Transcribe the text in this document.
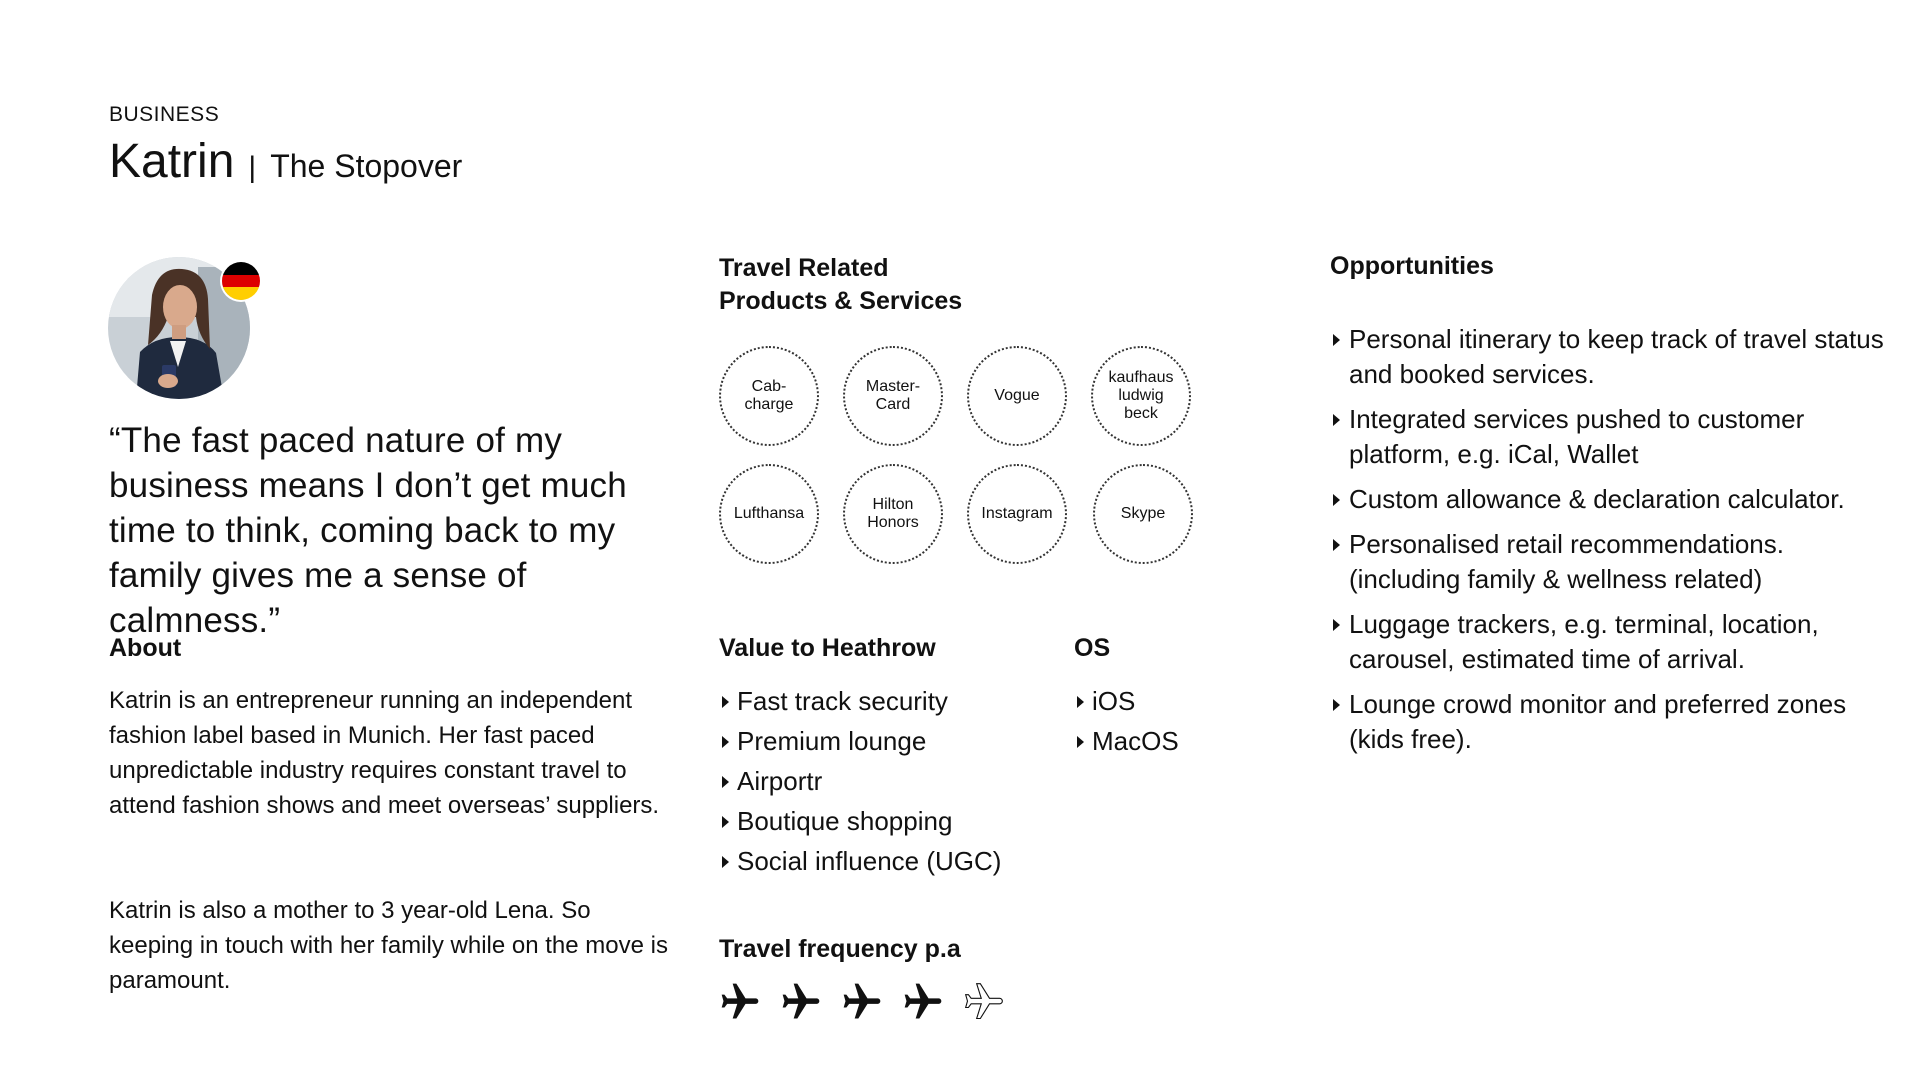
BUSINESS
Katrin | The Stopover
“The fast paced nature of my business means I don’t get much time to think, coming back to my family gives me a sense of calmness.”
About
Katrin is an entrepreneur running an independent fashion label based in Munich. Her fast paced unpredictable industry requires constant travel to attend fashion shows and meet overseas’ suppliers.
Katrin is also a mother to 3 year-old Lena. So keeping in touch with her family while on the move is paramount.
Travel Related
Products & Services
Cab-
charge
Master-
Card
Vogue
kaufhaus
ludwig
beck
Lufthansa
Hilton
Honors
Instagram	Skype
Value to Heathrow
Fast track security
Premium lounge
Airportr
Boutique shopping
Social influence (UGC)
OS
iOS
MacOS
Travel frequency p.a
Opportunities
Personal itinerary to keep track of travel status and booked services.
Integrated services pushed to customer platform, e.g. iCal, Wallet
Custom allowance & declaration calculator.
Personalised retail recommendations. (including family & wellness related)
Luggage trackers, e.g. terminal, location, carousel, estimated time of arrival.
Lounge crowd monitor and preferred zones (kids free).
